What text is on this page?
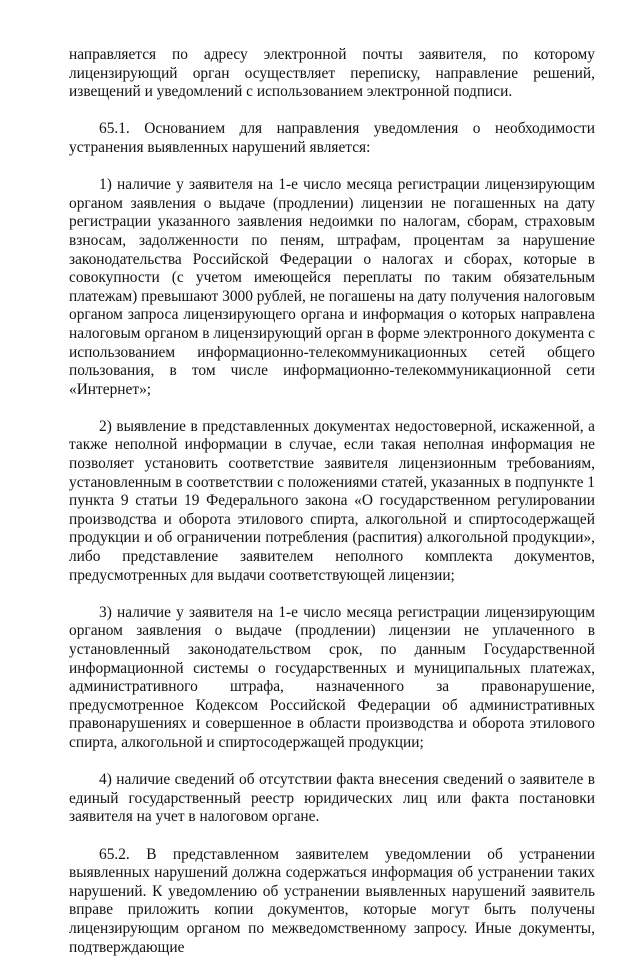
направляется по адресу электронной почты заявителя, по которому лицензирующий орган осуществляет переписку, направление решений, извещений и уведомлений с использованием электронной подписи.

65.1. Основанием для направления уведомления о необходимости устранения выявленных нарушений является:

1) наличие у заявителя на 1-е число месяца регистрации лицензирующим органом заявления о выдаче (продлении) лицензии не погашенных на дату регистрации указанного заявления недоимки по налогам, сборам, страховым взносам, задолженности по пеням, штрафам, процентам за нарушение законодательства Российской Федерации о налогах и сборах, которые в совокупности (с учетом имеющейся переплаты по таким обязательным платежам) превышают 3000 рублей, не погашены на дату получения налоговым органом запроса лицензирующего органа и информация о которых направлена налоговым органом в лицензирующий орган в форме электронного документа с использованием информационно-телекоммуникационных сетей общего пользования, в том числе информационно-телекоммуникационной сети «Интернет»;

2) выявление в представленных документах недостоверной, искаженной, а также неполной информации в случае, если такая неполная информация не позволяет установить соответствие заявителя лицензионным требованиям, установленным в соответствии с положениями статей, указанных в подпункте 1 пункта 9 статьи 19 Федерального закона «О государственном регулировании производства и оборота этилового спирта, алкогольной и спиртосодержащей продукции и об ограничении потребления (распития) алкогольной продукции», либо представление заявителем неполного комплекта документов, предусмотренных для выдачи соответствующей лицензии;

3) наличие у заявителя на 1-е число месяца регистрации лицензирующим органом заявления о выдаче (продлении) лицензии не уплаченного в установленный законодательством срок, по данным Государственной информационной системы о государственных и муниципальных платежах, административного штрафа, назначенного за правонарушение, предусмотренное Кодексом Российской Федерации об административных правонарушениях и совершенное в области производства и оборота этилового спирта, алкогольной и спиртосодержащей продукции;

4) наличие сведений об отсутствии факта внесения сведений о заявителе в единый государственный реестр юридических лиц или факта постановки заявителя на учет в налоговом органе.

65.2. В представленном заявителем уведомлении об устранении выявленных нарушений должна содержаться информация об устранении таких нарушений. К уведомлению об устранении выявленных нарушений заявитель вправе приложить копии документов, которые могут быть получены лицензирующим органом по межведомственному запросу. Иные документы, подтверждающие
